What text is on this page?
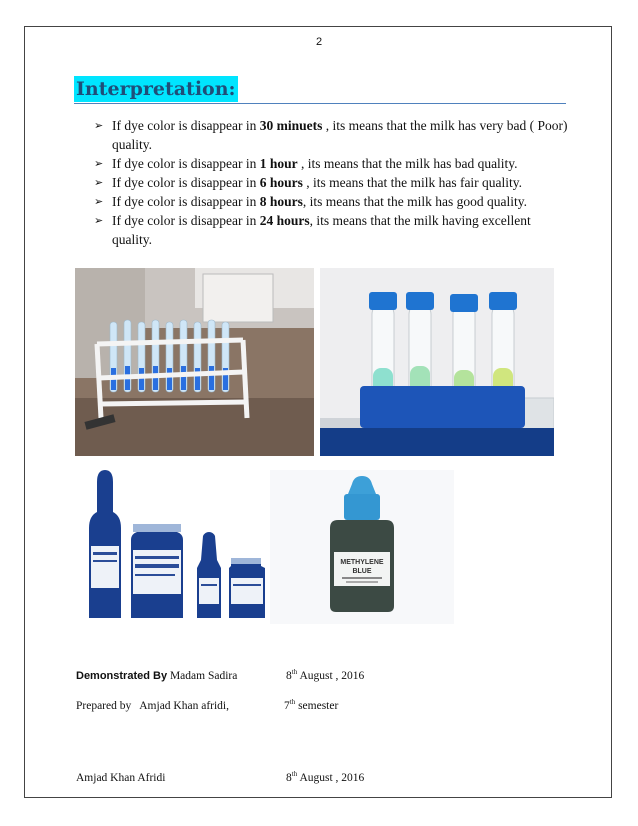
2
Interpretation:
➢ If dye color is disappear in 30 minuets , its means that the milk has very bad ( Poor) quality.
➢ If dye color is disappear in 1 hour , its means that the milk has bad quality.
➢ If dye color is disappear in 6 hours , its means that the milk has fair quality.
➢ If dye color is disappear in 8 hours, its means that the milk has good quality.
➢ If dye color is disappear in 24 hours, its means that the milk having excellent quality.
METHYLENE
BLUE
Demonstrated By Madam Sadira	8th August , 2016
Prepared by Amjad Khan afridi,	7th semester
Amjad Khan Afridi	8th August , 2016
